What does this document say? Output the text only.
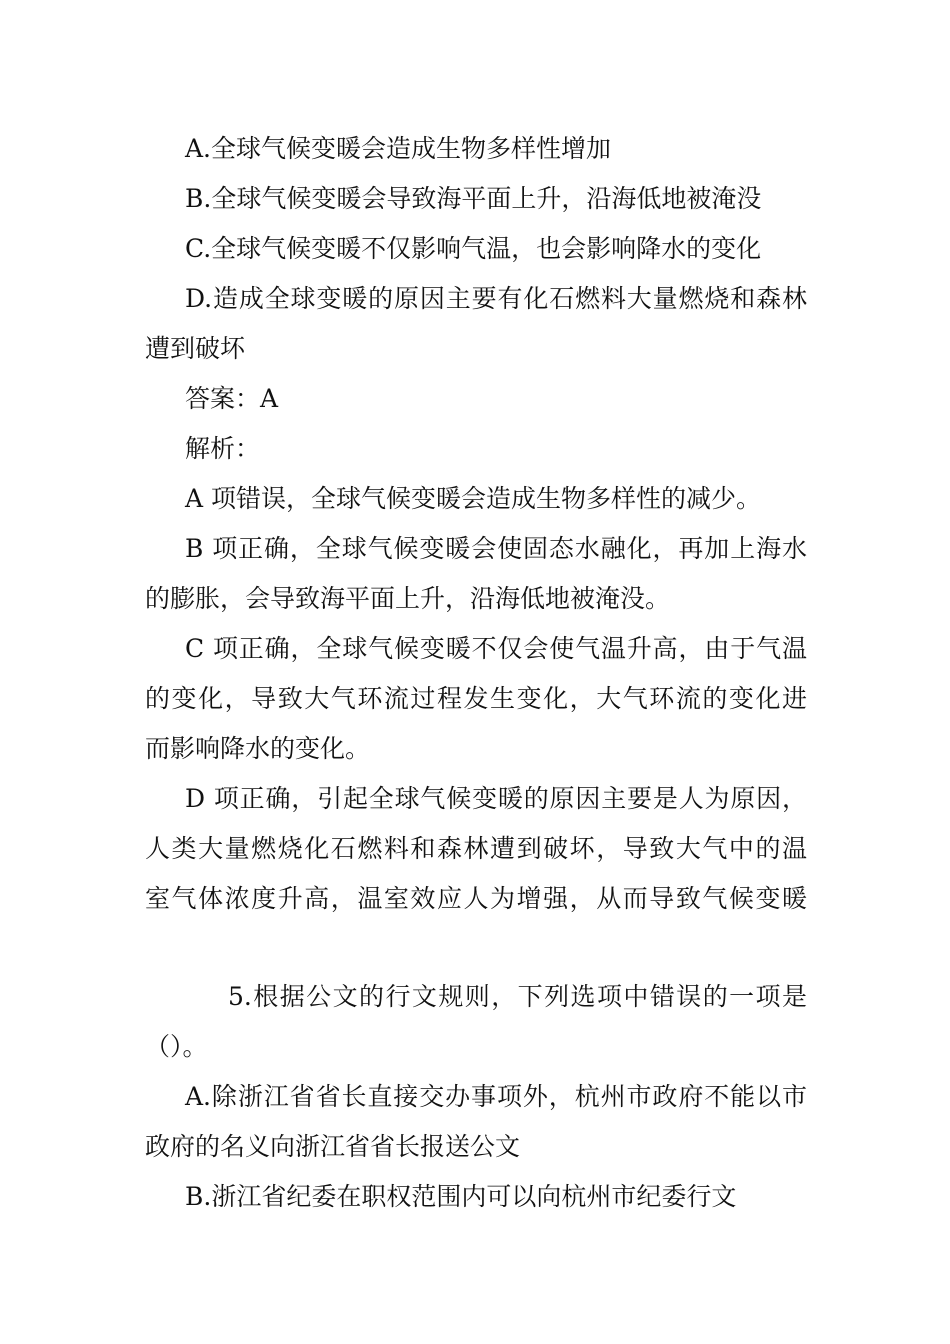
A.全球气候变暖会造成生物多样性增加
B.全球气候变暖会导致海平面上升，沿海低地被淹没
C.全球气候变暖不仅影响气温，也会影响降水的变化
D.造成全球变暖的原因主要有化石燃料大量燃烧和森林
遭到破坏
答案：A
解析：
A 项错误，全球气候变暖会造成生物多样性的减少。
B 项正确，全球气候变暖会使固态水融化，再加上海水
的膨胀，会导致海平面上升，沿海低地被淹没。
C 项正确，全球气候变暖不仅会使气温升高，由于气温
的变化，导致大气环流过程发生变化，大气环流的变化进
而影响降水的变化。
D 项正确，引起全球气候变暖的原因主要是人为原因，
人类大量燃烧化石燃料和森林遭到破坏，导致大气中的温
室气体浓度升高，温室效应人为增强，从而导致气候变暖
5.根据公文的行文规则，下列选项中错误的一项是
（）。
A.除浙江省省长直接交办事项外，杭州市政府不能以市
政府的名义向浙江省省长报送公文
B.浙江省纪委在职权范围内可以向杭州市纪委行文
